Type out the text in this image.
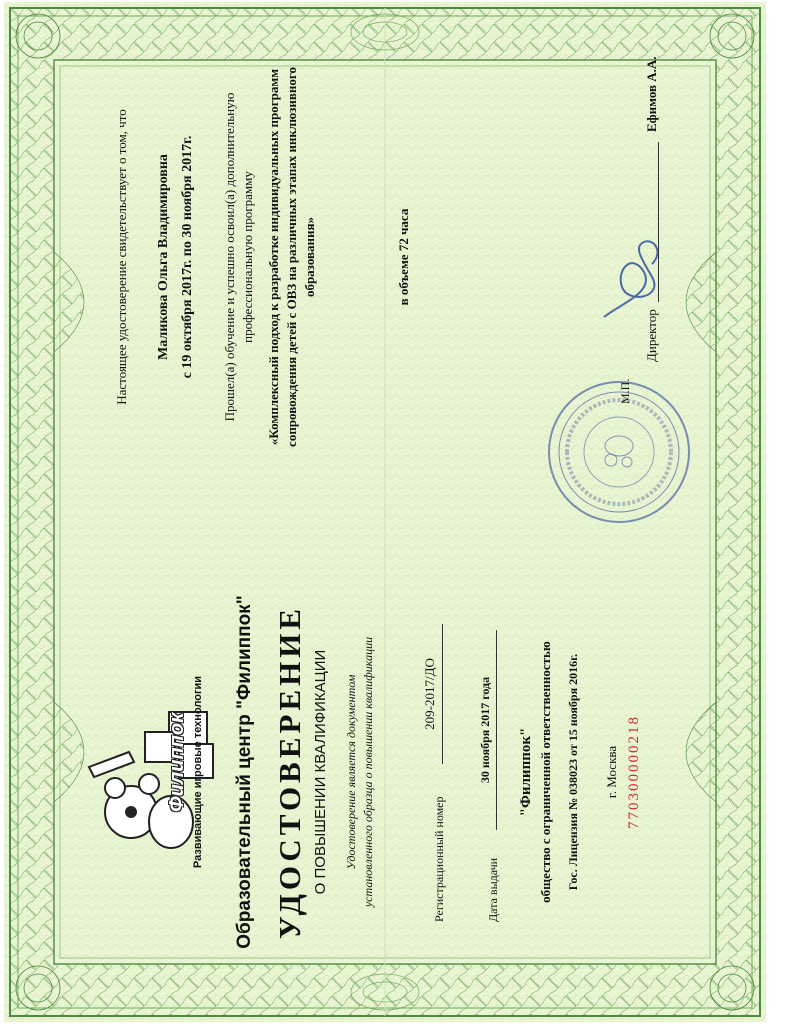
Филиппок Развивающие игровые технологии Образовательный центр "Филиппок" УДОСТОВЕРЕНИЕ О ПОВЫШЕНИИ КВАЛИФИКАЦИИ Удостоверение является документом установленного образца о повышении квалификации	Регистрационный номер
209-2017/ДО
Дата выдачи
30 ноября 2017 года "Филиппок" общество с ограниченной ответственностью Гос. Лицензия № 038023 от 15 ноября 2016г. г. Москва 770300000218
Настоящее удостоверение свидетельствует о том, что Маликова Ольга Владимировна с 19 октября 2017г. по 30 ноября 2017г. Прошел(а) обучение и успешно освоил(а) дополнительную профессиональную программу «Комплексный подход к разработке индивидуальных программ сопровождения детей с ОВЗ на различных этапах инклюзивного образования»	в объеме 72 часа
М.П.
Директор
Ефимов А.А.
